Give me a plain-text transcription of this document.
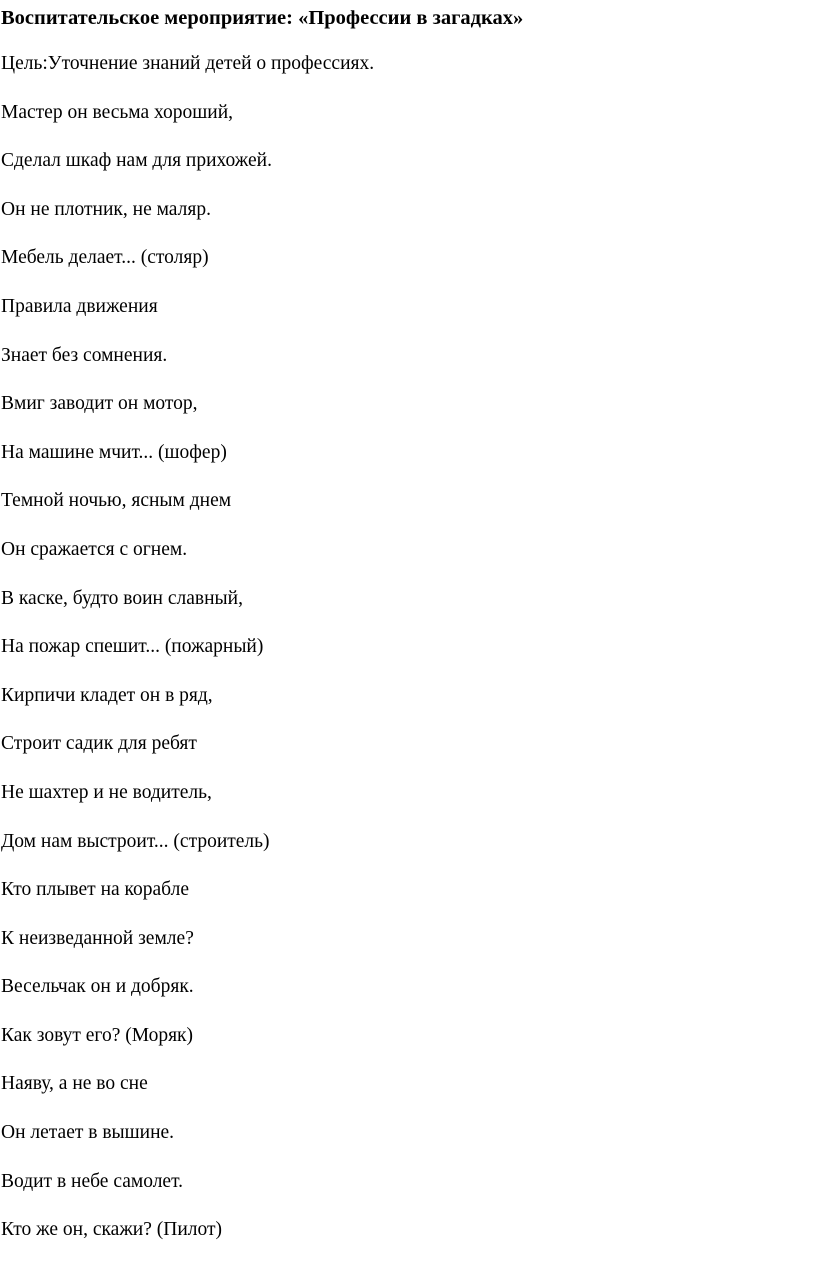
Воспитательское мероприятие: «Профессии в загадках»
Цель:Уточнение знаний детей о профессиях.
Мастер он весьма хороший,
Сделал шкаф нам для прихожей.
Он не плотник, не маляр.
Мебель делает... (столяр)
Правила движения
Знает без сомнения.
Вмиг заводит он мотор,
На машине мчит... (шофер)
Темной ночью, ясным днем
Он сражается с огнем.
В каске, будто воин славный,
На пожар спешит... (пожарный)
Кирпичи кладет он в ряд,
Строит садик для ребят
Не шахтер и не водитель,
Дом нам выстроит... (строитель)
Кто плывет на корабле
К неизведанной земле?
Весельчак он и добряк.
Как зовут его? (Моряк)
Наяву, а не во сне
Он летает в вышине.
Водит в небе самолет.
Кто же он, скажи? (Пилот)
